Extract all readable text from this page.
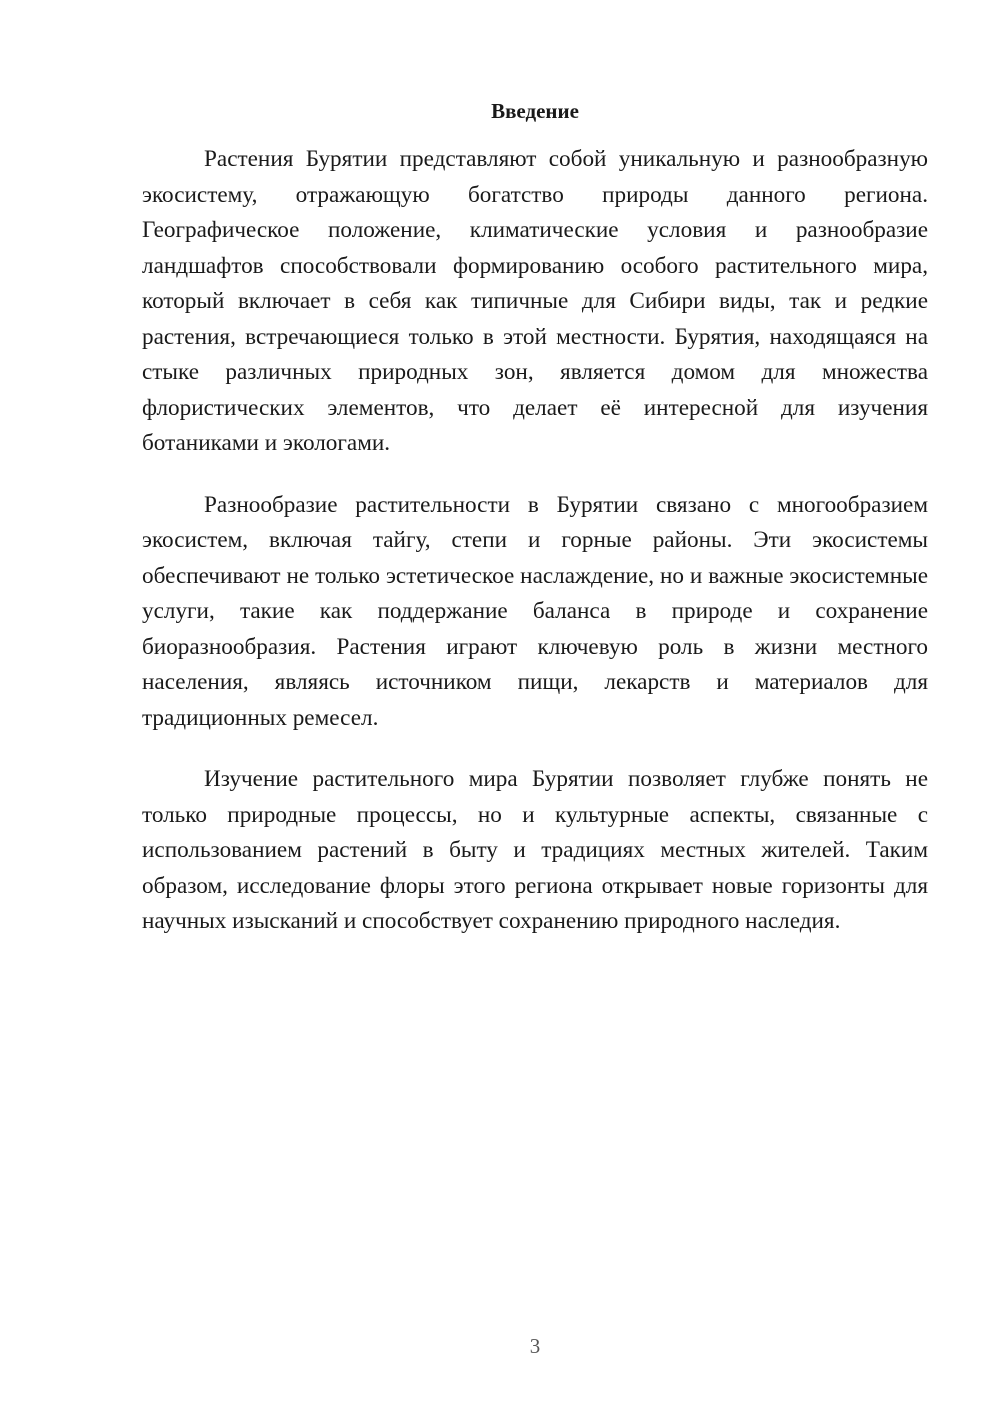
Введение

Растения Бурятии представляют собой уникальную и разнообразную экосистему, отражающую богатство природы данного региона. Географическое положение, климатические условия и разнообразие ландшафтов способствовали формированию особого растительного мира, который включает в себя как типичные для Сибири виды, так и редкие растения, встречающиеся только в этой местности. Бурятия, находящаяся на стыке различных природных зон, является домом для множества флористических элементов, что делает её интересной для изучения ботаниками и экологами.

Разнообразие растительности в Бурятии связано с многообразием экосистем, включая тайгу, степи и горные районы. Эти экосистемы обеспечивают не только эстетическое наслаждение, но и важные экосистемные услуги, такие как поддержание баланса в природе и сохранение биоразнообразия. Растения играют ключевую роль в жизни местного населения, являясь источником пищи, лекарств и материалов для традиционных ремесел.

Изучение растительного мира Бурятии позволяет глубже понять не только природные процессы, но и культурные аспекты, связанные с использованием растений в быту и традициях местных жителей. Таким образом, исследование флоры этого региона открывает новые горизонты для научных изысканий и способствует сохранению природного наследия.

3
